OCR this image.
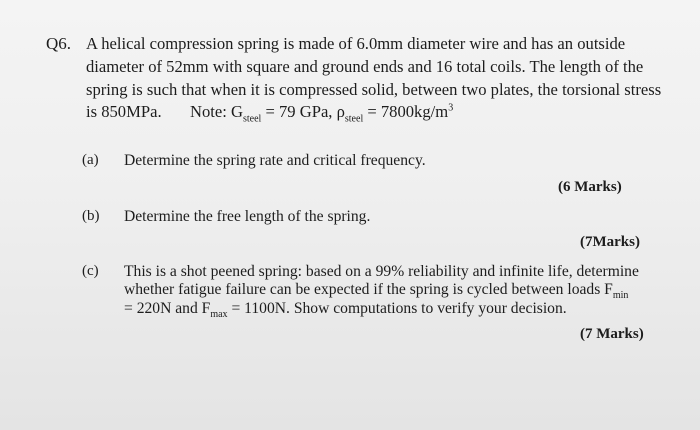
Q6. A helical compression spring is made of 6.0mm diameter wire and has an outside
diameter of 52mm with square and ground ends and 16 total coils. The length of the
spring is such that when it is compressed solid, between two plates, the torsional stress
is 850MPa. Note: $G_{steel} = 79$ GPa, $\rho_{steel} = 7800kg/m^3$
(a) Determine the spring rate and critical frequency.
(6 Marks)
(b) Determine the free length of the spring.
(7Marks)
(c) This is a shot peened spring: based on a 99% reliability and infinite life, determine
whether fatigue failure can be expected if the spring is cycled between loads $F_{min}$
= 220N and $F_{max} = 1100N$. Show computations to verify your decision.
(7 Marks)
